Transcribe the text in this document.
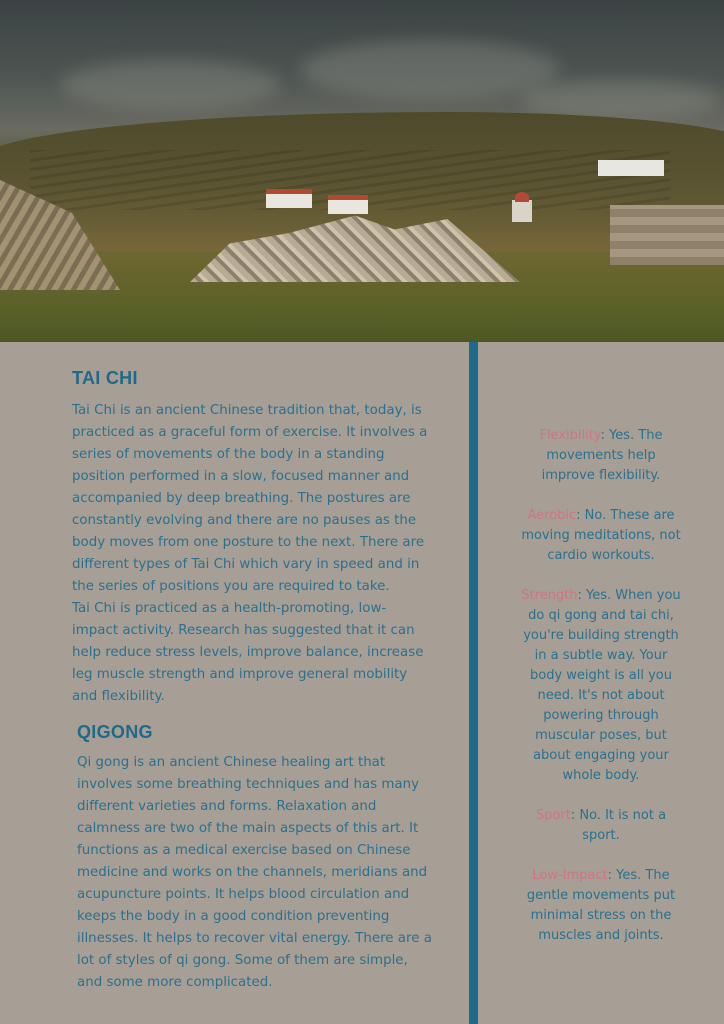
TAI CHI

Tai Chi is an ancient Chinese tradition that, today, is practiced as a graceful form of exercise. It involves a series of movements of the body in a standing position performed in a slow, focused manner and accompanied by deep breathing. The postures are constantly evolving and there are no pauses as the body moves from one posture to the next. There are different types of Tai Chi which vary in speed and in the series of positions you are required to take.

Tai Chi is practiced as a health-promoting, low-impact activity. Research has suggested that it can help reduce stress levels, improve balance, increase leg muscle strength and improve general mobility and flexibility.

QIGONG

Qi gong is an ancient Chinese healing art that involves some breathing techniques and has many different varieties and forms. Relaxation and calmness are two of the main aspects of this art. It functions as a medical exercise based on Chinese medicine and works on the channels, meridians and acupuncture points. It helps blood circulation and keeps the body in a good condition preventing illnesses. It helps to recover vital energy. There are a lot of styles of qi gong. Some of them are simple, and some more complicated.

Flexibility: Yes. The movements help improve flexibility.
Aerobic: No. These are moving meditations, not cardio workouts.
Strength: Yes. When you do qi gong and tai chi, you're building strength in a subtle way. Your body weight is all you need. It's not about powering through muscular poses, but about engaging your whole body.
Sport: No. It is not a sport.
Low-Impact: Yes. The gentle movements put minimal stress on the muscles and joints.
